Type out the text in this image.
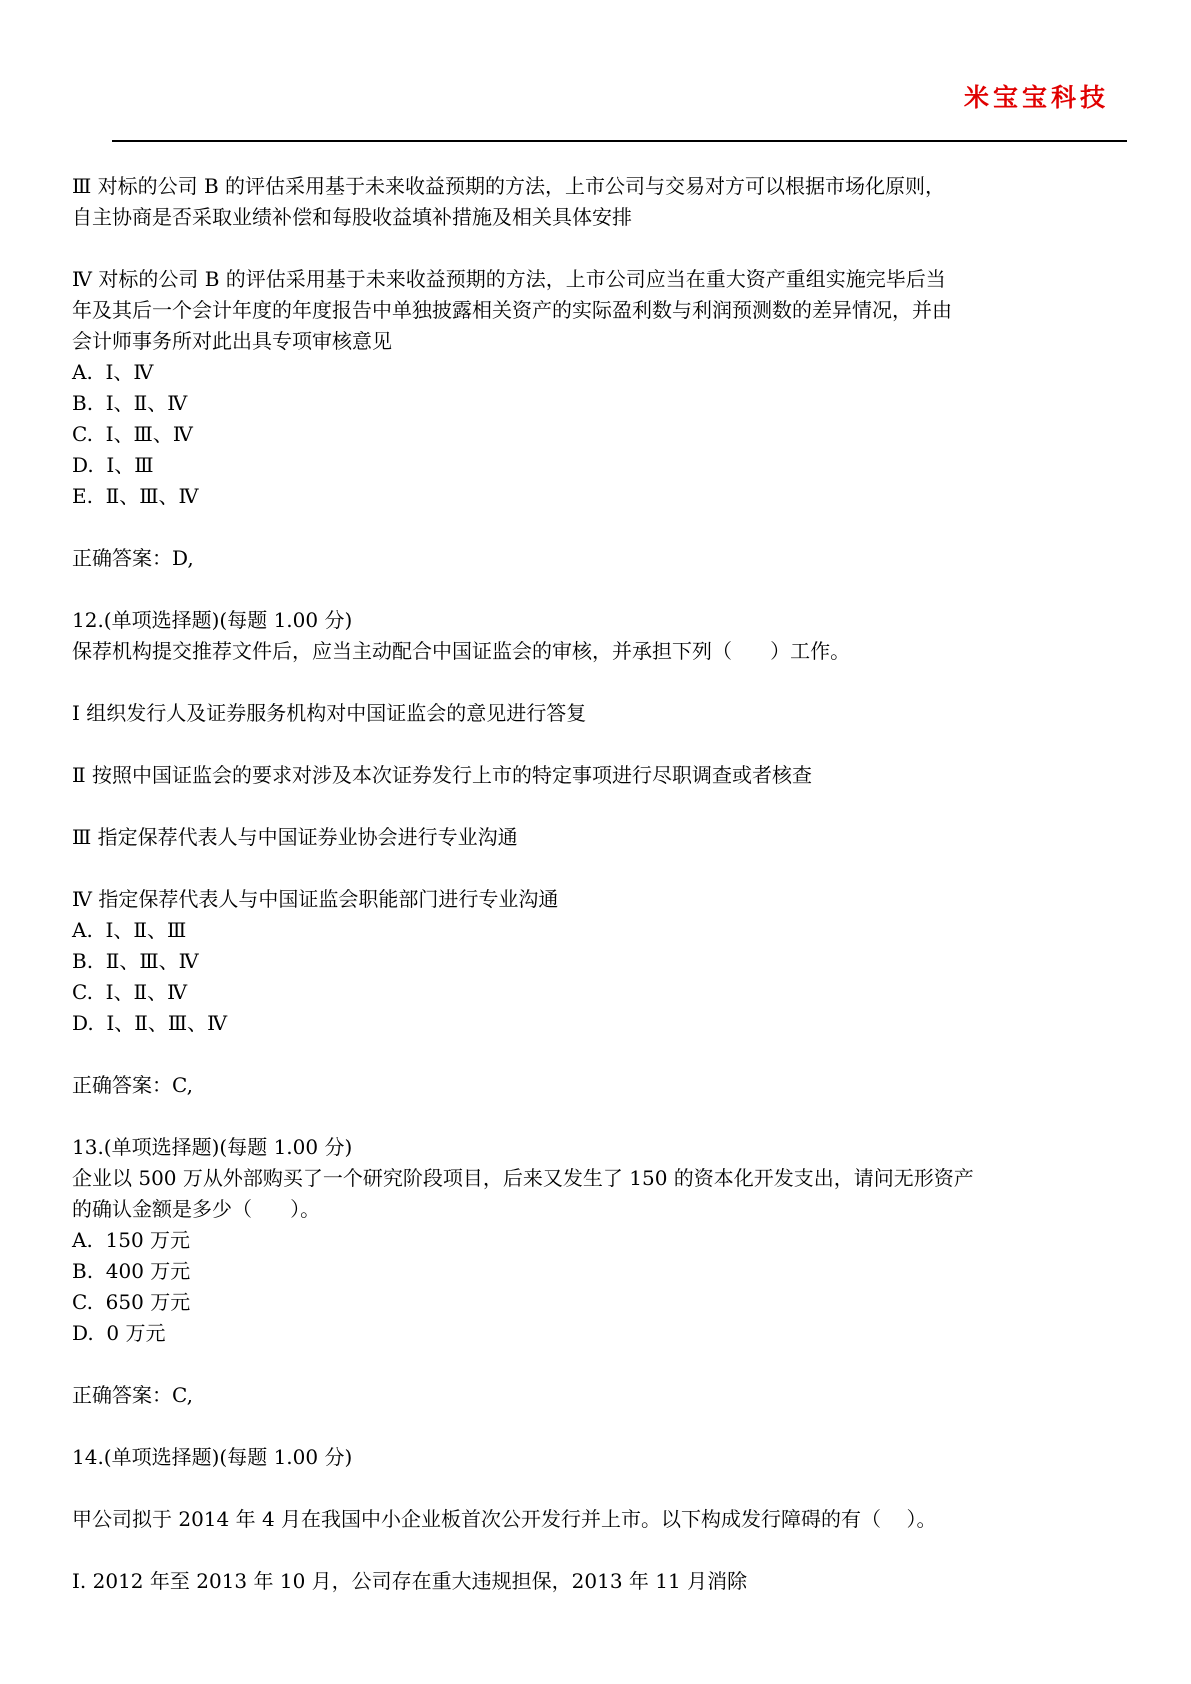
米宝宝科技

Ⅲ 对标的公司 B 的评估采用基于未来收益预期的方法，上市公司与交易对方可以根据市场化原则，

自主协商是否采取业绩补偿和每股收益填补措施及相关具体安排

Ⅳ 对标的公司 B 的评估采用基于未来收益预期的方法，上市公司应当在重大资产重组实施完毕后当

年及其后一个会计年度的年度报告中单独披露相关资产的实际盈利数与利润预测数的差异情况，并由

会计师事务所对此出具专项审核意见

A.  Ⅰ、Ⅳ

B.  Ⅰ、Ⅱ、Ⅳ

C.  Ⅰ、Ⅲ、Ⅳ

D.  Ⅰ、Ⅲ

E.  Ⅱ、Ⅲ、Ⅳ

正确答案：D,

12.(单项选择题)(每题 1.00 分)

保荐机构提交推荐文件后，应当主动配合中国证监会的审核，并承担下列（      ）工作。

Ⅰ 组织发行人及证券服务机构对中国证监会的意见进行答复

Ⅱ 按照中国证监会的要求对涉及本次证券发行上市的特定事项进行尽职调查或者核查

Ⅲ 指定保荐代表人与中国证券业协会进行专业沟通

Ⅳ 指定保荐代表人与中国证监会职能部门进行专业沟通

A.  Ⅰ、Ⅱ、Ⅲ

B.  Ⅱ、Ⅲ、Ⅳ

C.  Ⅰ、Ⅱ、Ⅳ

D.  Ⅰ、Ⅱ、Ⅲ、Ⅳ

正确答案：C,

13.(单项选择题)(每题 1.00 分)

企业以 500 万从外部购买了一个研究阶段项目，后来又发生了 150 的资本化开发支出，请问无形资产

的确认金额是多少（      ）。

A.  150 万元

B.  400 万元

C.  650 万元

D.  0 万元

正确答案：C,

14.(单项选择题)(每题 1.00 分)

甲公司拟于 2014 年 4 月在我国中小企业板首次公开发行并上市。以下构成发行障碍的有（    ）。

Ⅰ. 2012 年至 2013 年 10 月，公司存在重大违规担保，2013 年 11 月消除
